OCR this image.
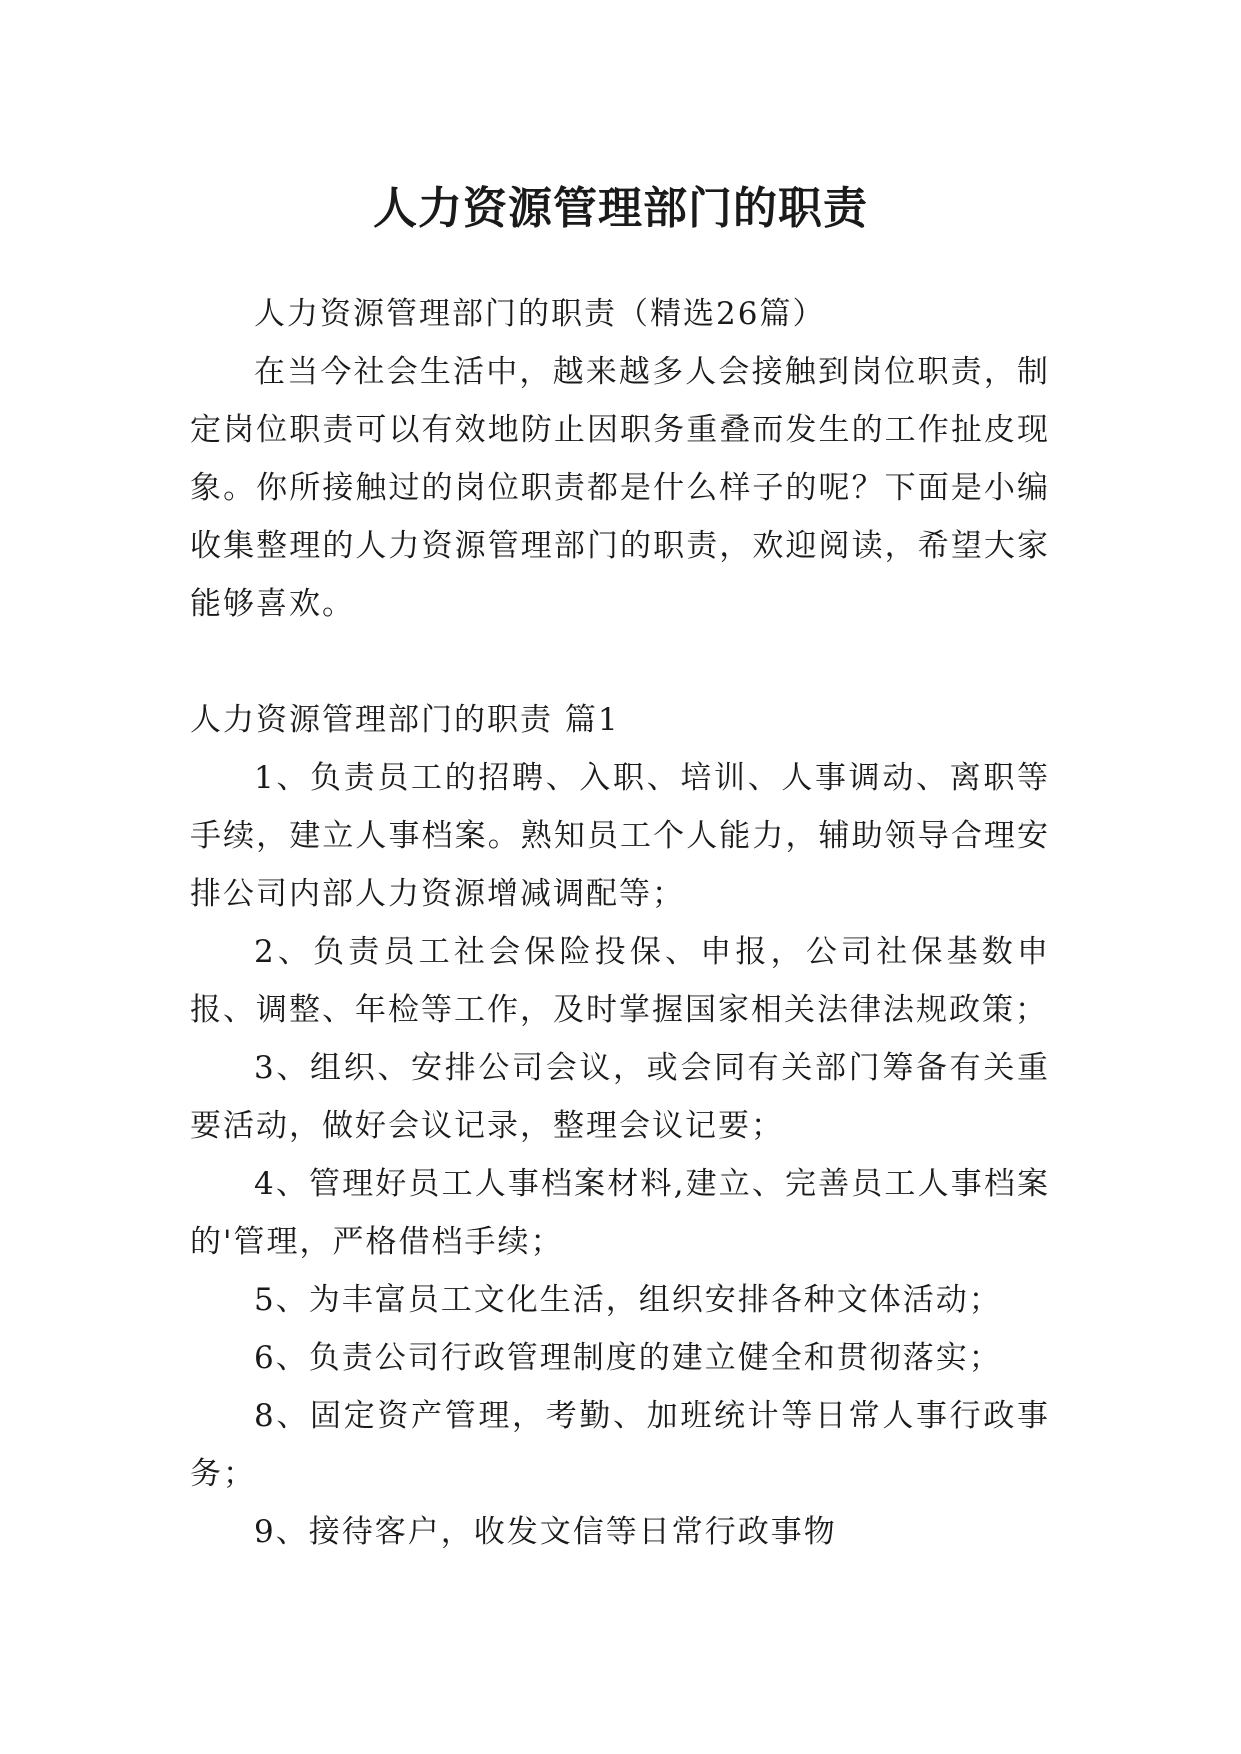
人力资源管理部门的职责

人力资源管理部门的职责（精选26篇）

在当今社会生活中，越来越多人会接触到岗位职责，制定岗位职责可以有效地防止因职务重叠而发生的工作扯皮现象。你所接触过的岗位职责都是什么样子的呢？下面是小编收集整理的人力资源管理部门的职责，欢迎阅读，希望大家能够喜欢。

人力资源管理部门的职责 篇1

1、负责员工的招聘、入职、培训、人事调动、离职等手续，建立人事档案。熟知员工个人能力，辅助领导合理安排公司内部人力资源增减调配等；

2、负责员工社会保险投保、申报，公司社保基数申报、调整、年检等工作，及时掌握国家相关法律法规政策；

3、组织、安排公司会议，或会同有关部门筹备有关重要活动，做好会议记录，整理会议记要；

4、管理好员工人事档案材料,建立、完善员工人事档案的'管理，严格借档手续；

5、为丰富员工文化生活，组织安排各种文体活动；

6、负责公司行政管理制度的建立健全和贯彻落实；

8、固定资产管理，考勤、加班统计等日常人事行政事务；

9、接待客户，收发文信等日常行政事物
